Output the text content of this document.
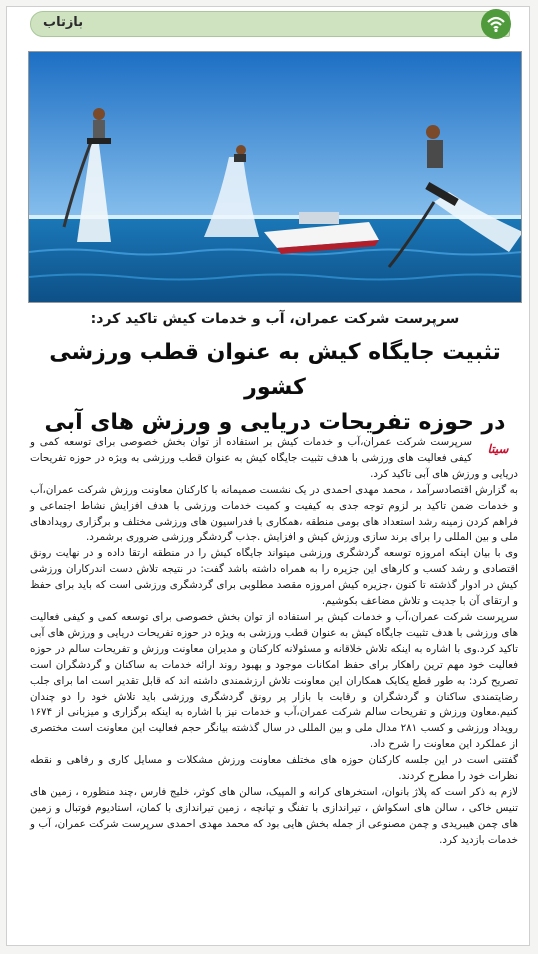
بازتاب
سرپرست شرکت عمران، آب و خدمات کیش تاکید کرد:
تثبیت جایگاه کیش به عنوان قطب ورزشی کشور
در حوزه تفریحات دریایی و ورزش های آبی
سیتا

سرپرست شرکت عمران،آب و خدمات کیش بر استفاده از توان بخش خصوصی برای توسعه کمی و کیفی فعالیت های ورزشی با هدف تثبیت جایگاه کیش به عنوان قطب ورزشی به ویژه در حوزه تفریحات دریایی و ورزش های آبی تاکید کرد.

به گزارش اقتصادسرآمد ، محمد مهدی احمدی در یک نشست صمیمانه با کارکنان معاونت ورزش شرکت عمران،آب و خدمات ضمن تاکید بر لزوم توجه جدی به کیفیت و کمیت خدمات ورزشی با هدف افزایش نشاط اجتماعی و فراهم کردن زمینه رشد استعداد های بومی منطقه ،همکاری با فدراسیون های ورزشی مختلف و برگزاری رویدادهای ملی و بین المللی را برای برند سازی ورزش کیش و افزایش .جذب گردشگر ورزشی ضروری برشمرد.

وی با بیان اینکه امروزه توسعه گردشگری ورزشی میتواند جایگاه کیش را در منطقه ارتقا داده و در نهایت رونق اقتصادی و رشد کسب و کارهای این جزیره را به همراه داشته باشد گفت: در نتیجه تلاش دست اندرکاران ورزشی کیش در ادوار گذشته تا کنون ،جزیره کیش امروزه مقصد مطلوبی برای گردشگری ورزشی است که باید برای حفظ و ارتقای آن با جدیت و تلاش مضاعف بکوشیم.

سرپرست شرکت عمران،آب و خدمات کیش بر استفاده از توان بخش خصوصی برای توسعه کمی و کیفی فعالیت های ورزشی با هدف تثبیت جایگاه کیش به عنوان قطب ورزشی به ویژه در حوزه تفریحات دریایی و ورزش های آبی تاکید کرد.وی با اشاره به اینکه تلاش خلاقانه و مسئولانه کارکنان و مدیران معاونت ورزش و تفریحات سالم در حوزه فعالیت خود مهم ترین راهکار برای حفظ امکانات موجود و بهبود روند ارائه خدمات به ساکنان و گردشگران است تصریح کرد: به طور قطع یکایک همکاران این معاونت تلاش ارزشمندی داشته اند که قابل تقدیر است اما برای جلب رضایتمندی ساکنان و گردشگران و رقابت با بازار پر رونق گردشگری ورزشی باید تلاش خود را دو چندان کنیم.معاون ورزش و تفریحات سالم شرکت عمران،آب و خدمات نیز با اشاره به اینکه برگزاری و میزبانی از ۱۶۷۴ رویداد ورزشی و کسب ۲۸۱ مدال ملی و بین المللی در سال گذشته بیانگر حجم فعالیت این معاونت است مختصری از عملکرد این معاونت را شرح داد.

گفتنی است در این جلسه کارکنان حوزه های مختلف معاونت ورزش مشکلات و مسایل کاری و رفاهی و نقطه نظرات خود را مطرح کردند.

لازم به ذکر است که پلاژ بانوان، استخرهای کرانه و المپیک، سالن های کوثر، خلیج فارس ،چند منظوره ، زمین های تنیس خاکی ، سالن های اسکواش ، تیراندازی با تفنگ و تپانچه ، زمین تیراندازی با کمان، استادیوم فوتبال و زمین های چمن هیبریدی و چمن مصنوعی از جمله بخش هایی بود که محمد مهدی احمدی سرپرست شرکت عمران، آب و خدمات بازدید کرد.
